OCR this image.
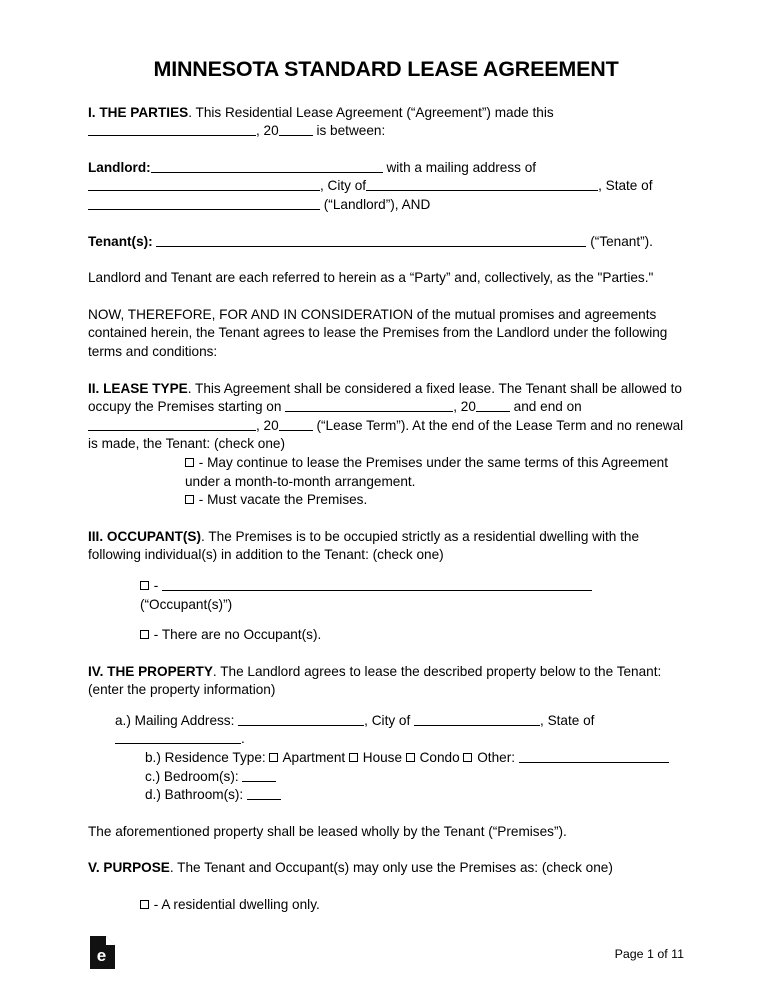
MINNESOTA STANDARD LEASE AGREEMENT

I. THE PARTIES. This Residential Lease Agreement (“Agreement”) made this
, 20	is between:

Landlord:	with a mailing address of
, City of	, State of
(“Landlord”), AND

Tenant(s):	(“Tenant”).

Landlord and Tenant are each referred to herein as a “Party” and, collectively, as the "Parties."

NOW, THEREFORE, FOR AND IN CONSIDERATION of the mutual promises and agreements contained herein, the Tenant agrees to lease the Premises from the Landlord under the following terms and conditions:

II. LEASE TYPE. This Agreement shall be considered a fixed lease. The Tenant shall be allowed to occupy the Premises starting on	, 20	and end on
, 20	(“Lease Term”). At the end of the Lease Term and no renewal is made, the Tenant: (check one)

- May continue to lease the Premises under the same terms of this Agreement under a month-to-month arrangement.

- Must vacate the Premises.

III. OCCUPANT(S). The Premises is to be occupied strictly as a residential dwelling with the following individual(s) in addition to the Tenant: (check one)

-  (“Occupant(s)”)

- There are no Occupant(s).

IV. THE PROPERTY. The Landlord agrees to lease the described property below to the Tenant: (enter the property information)

a.) Mailing Address:	, City of	, State of
.

b.) Residence Type: Apartment House Condo Other:

c.) Bedroom(s):

d.) Bathroom(s):

The aforementioned property shall be leased wholly by the Tenant (“Premises”).

V. PURPOSE. The Tenant and Occupant(s) may only use the Premises as: (check one)

- A residential dwelling only.

e	Page 1 of 11
